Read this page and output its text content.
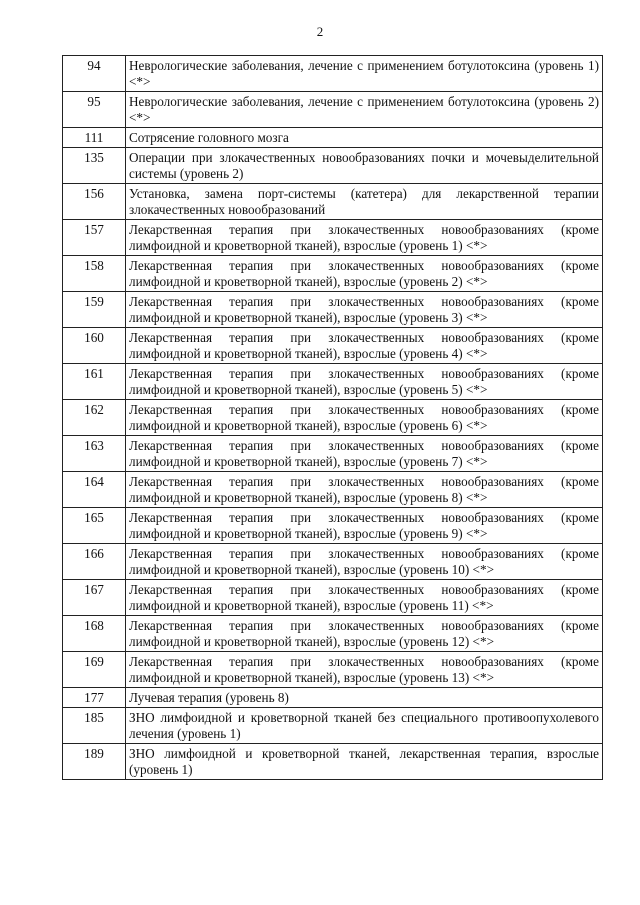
2
94	Неврологические заболевания, лечение с применением ботулотоксина (уровень 1) <*>
95	Неврологические заболевания, лечение с применением ботулотоксина (уровень 2) <*>
111	Сотрясение головного мозга
135	Операции при злокачественных новообразованиях почки и мочевыделительной системы (уровень 2)
156	Установка, замена порт-системы (катетера) для лекарственной терапии злокачественных новообразований
157	Лекарственная терапия при злокачественных новообразованиях (кроме лимфоидной и кроветворной тканей), взрослые (уровень 1) <*>
158	Лекарственная терапия при злокачественных новообразованиях (кроме лимфоидной и кроветворной тканей), взрослые (уровень 2) <*>
159	Лекарственная терапия при злокачественных новообразованиях (кроме лимфоидной и кроветворной тканей), взрослые (уровень 3) <*>
160	Лекарственная терапия при злокачественных новообразованиях (кроме лимфоидной и кроветворной тканей), взрослые (уровень 4) <*>
161	Лекарственная терапия при злокачественных новообразованиях (кроме лимфоидной и кроветворной тканей), взрослые (уровень 5) <*>
162	Лекарственная терапия при злокачественных новообразованиях (кроме лимфоидной и кроветворной тканей), взрослые (уровень 6) <*>
163	Лекарственная терапия при злокачественных новообразованиях (кроме лимфоидной и кроветворной тканей), взрослые (уровень 7) <*>
164	Лекарственная терапия при злокачественных новообразованиях (кроме лимфоидной и кроветворной тканей), взрослые (уровень 8) <*>
165	Лекарственная терапия при злокачественных новообразованиях (кроме лимфоидной и кроветворной тканей), взрослые (уровень 9) <*>
166	Лекарственная терапия при злокачественных новообразованиях (кроме лимфоидной и кроветворной тканей), взрослые (уровень 10) <*>
167	Лекарственная терапия при злокачественных новообразованиях (кроме лимфоидной и кроветворной тканей), взрослые (уровень 11) <*>
168	Лекарственная терапия при злокачественных новообразованиях (кроме лимфоидной и кроветворной тканей), взрослые (уровень 12) <*>
169	Лекарственная терапия при злокачественных новообразованиях (кроме лимфоидной и кроветворной тканей), взрослые (уровень 13) <*>
177	Лучевая терапия (уровень 8)
185	ЗНО лимфоидной и кроветворной тканей без специального противоопухолевого лечения (уровень 1)
189	ЗНО лимфоидной и кроветворной тканей, лекарственная терапия, взрослые (уровень 1)
